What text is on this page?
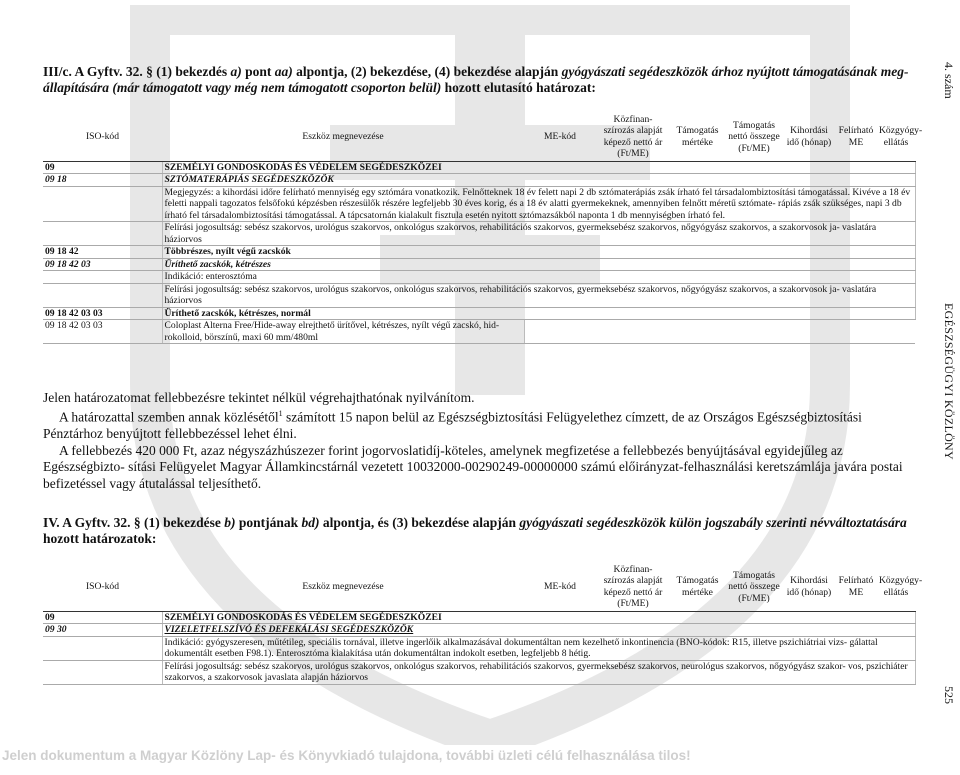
III/c. A Gyftv. 32. § (1) bekezdés a) pont aa) alpontja, (2) bekezdése, (4) bekezdése alapján gyógyászati segédeszközök árhoz nyújtott támogatásának meg- állapítására (már támogatott vagy még nem támogatott csoporton belül) hozott elutasító határozat:
ISO-kód	Eszköz megnevezése	ME-kód	Közfinan- szírozás alapját képező nettó ár (Ft/ME)	Támogatás mértéke	Támogatás nettó összege (Ft/ME)	Kihordási idő (hónap)	Felírható ME	Közgyógy- ellátás
09	SZEMÉLYI GONDOSKODÁS ÉS VÉDELEM SEGÉDESZKÖZEI							
09 18	SZTÓMATERÁPIÁS SEGÉDESZKÖZÖK							
	Megjegyzés: a kihordási időre felírható mennyiség egy sztómára vonatkozik. Felnőtteknek 18 év felett napi 2 db sztómaterápiás zsák írható fel társadalombiztosítási támogatással. Kivéve a 18 év feletti nappali tagozatos felsőfokú képzésben részesülők részére legfeljebb 30 éves korig, és a 18 év alatti gyermekeknek, amennyiben felnőtt méretű sztómate- rápiás zsák szükséges, napi 3 db írható fel társadalombiztosítási támogatással. A tápcsatornán kialakult fisztula esetén nyitott sztómazsákból naponta 1 db mennyiségben írható fel.							
	Felírási jogosultság: sebész szakorvos, urológus szakorvos, onkológus szakorvos, rehabilitációs szakorvos, gyermeksebész szakorvos, nőgyógyász szakorvos, a szakorvosok ja- vaslatára háziorvos							
09 18 42	Többrészes, nyílt végű zacskók							
09 18 42 03	Üríthető zacskók, kétrészes							
	Indikáció: enterosztóma							
	Felírási jogosultság: sebész szakorvos, urológus szakorvos, onkológus szakorvos, rehabilitációs szakorvos, gyermeksebész szakorvos, nőgyógyász szakorvos, a szakorvosok ja- vaslatára háziorvos							
09 18 42 03 03	Üríthető zacskók, kétrészes, normál							
09 18 42 03 03	Coloplast Alterna Free/Hide-away elrejthető ürítővel, kétrészes, nyílt végű zacskó, hid- rokolloid, börszínű, maxi 60 mm/480ml							

Jelen határozatomat fellebbezésre tekintet nélkül végrehajthatónak nyilvánítom.

A határozattal szemben annak közlésétől$^1$ számított 15 napon belül az Egészségbiztosítási Felügyelethez címzett, de az Országos Egészségbiztosítási Pénztárhoz benyújtott fellebbezéssel lehet élni.

A fellebbezés 420 000 Ft, azaz négyszázhúszezer forint jogorvoslatidíj-köteles, amelynek megfizetése a fellebbezés benyújtásával egyidejűleg az Egészségbizto- sítási Felügyelet Magyar Államkincstárnál vezetett 10032000-00290249-00000000 számú előirányzat-felhasználási keretszámlája javára postai befizetéssel vagy átutalással teljesíthető.

IV. A Gyftv. 32. § (1) bekezdése b) pontjának bd) alpontja, és (3) bekezdése alapján gyógyászati segédeszközök külön jogszabály szerinti névváltoztatására hozott határozatok:
ISO-kód	Eszköz megnevezése	ME-kód	Közfinan- szírozás alapját képező nettó ár (Ft/ME)	Támogatás mértéke	Támogatás nettó összege (Ft/ME)	Kihordási idő (hónap)	Felírható ME	Közgyógy- ellátás
09	SZEMÉLYI GONDOSKODÁS ÉS VÉDELEM SEGÉDESZKÖZEI							
09 30	VIZELETFELSZÍVÓ ÉS DEFEKÁLÁSI SEGÉDESZKÖZÖK							
	Indikáció: gyógyszeresen, műtétileg, speciális tornával, illetve ingerlőik alkalmazásával dokumentáltan nem kezelhető inkontinencia (BNO-kódok: R15, illetve pszichiátriai vizs- gálattal dokumentált esetben F98.1). Enterosztóma kialakítása után dokumentáltan indokolt esetben, legfeljebb 8 hétig.							
	Felírási jogosultság: sebész szakorvos, urológus szakorvos, onkológus szakorvos, rehabilitációs szakorvos, gyermeksebész szakorvos, neurológus szakorvos, nőgyógyász szakor- vos, pszichiáter szakorvos, a szakorvosok javaslata alapján háziorvos							
4. szám
EGÉSZSÉGÜGYI KÖZLÖNY
525
Jelen dokumentum a Magyar Közlöny Lap- és Könyvkiadó tulajdona, további üzleti célú felhasználása tilos!
